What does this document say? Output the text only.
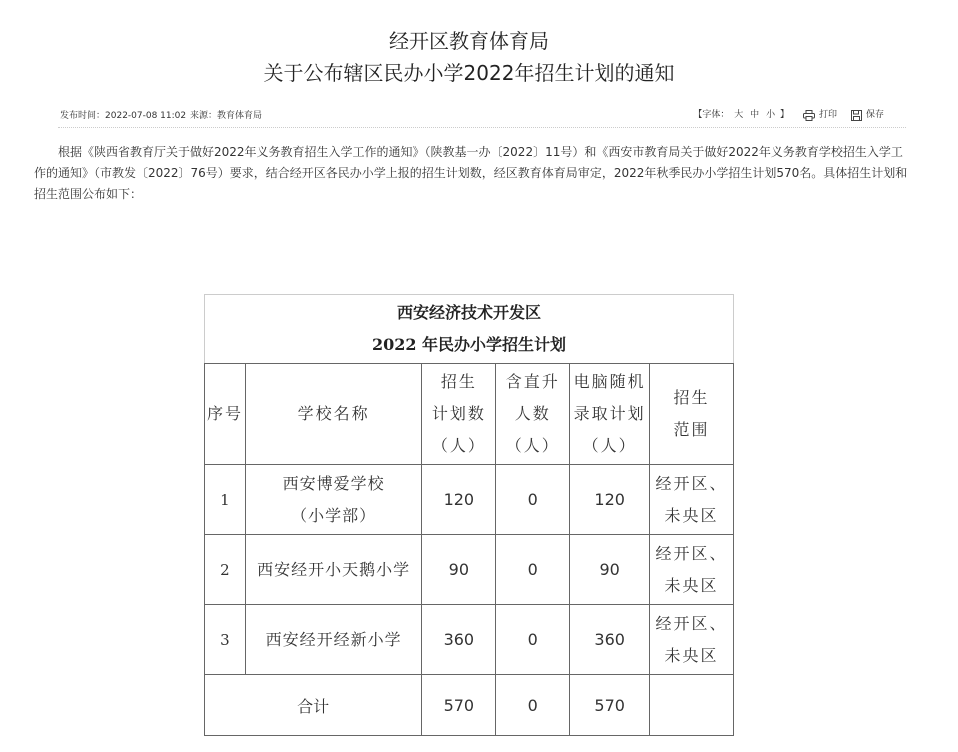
经开区教育体育局
关于公布辖区民办小学2022年招生计划的通知
发布时间：2022-07-08 11:02 来源：教育体育局	【字体： 大 中 小 】	打印	保存

根据《陕西省教育厅关于做好2022年义务教育招生入学工作的通知》（陕教基一办〔2022〕11号）和《西安市教育局关于做好2022年义务教育学校招生入学工作的通知》（市教发〔2022〕76号）要求，结合经开区各民办小学上报的招生计划数，经区教育体育局审定，2022年秋季民办小学招生计划570名。具体招生计划和招生范围公布如下：

西安经济技术开发区
2022 年民办小学招生计划					

序号	学校名称	招生
计划数
（人）	含直升
人数
（人）	电脑随机
录取计划
（人）	招生
范围

1	西安博爱学校
（小学部）	120	0	120	经开区、
未央区

2	西安经开小天鹅小学	90	0	90	经开区、
未央区

3	西安经开经新小学	360	0	360	经开区、
未央区

合计		570	0	570	
